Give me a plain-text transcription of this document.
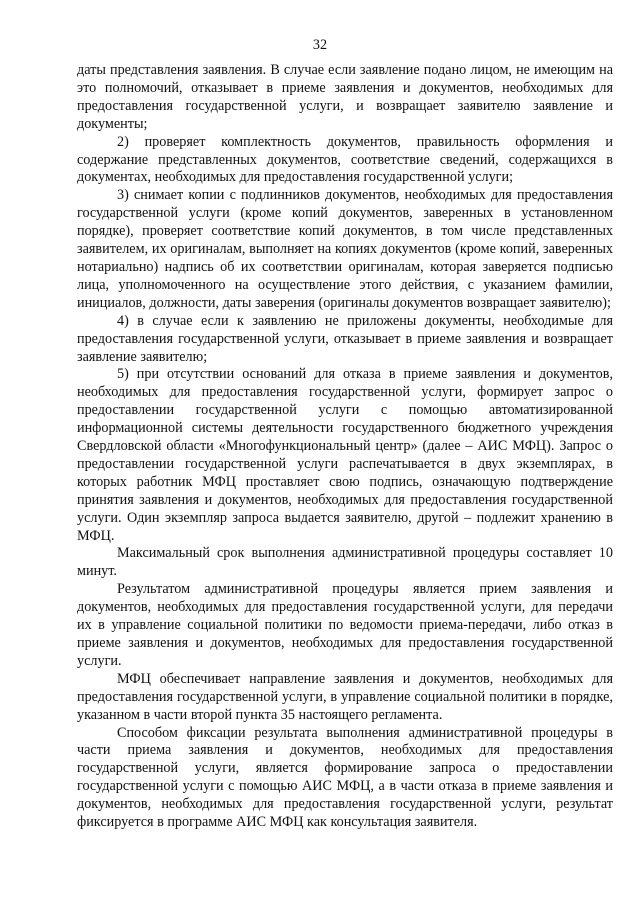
32

даты представления заявления. В случае если заявление подано лицом, не имеющим на это полномочий, отказывает в приеме заявления и документов, необходимых для предоставления государственной услуги, и возвращает заявителю заявление и документы;

2) проверяет комплектность документов, правильность оформления и содержание представленных документов, соответствие сведений, содержащихся в документах, необходимых для предоставления государственной услуги;

3) снимает копии с подлинников документов, необходимых для предоставления государственной услуги (кроме копий документов, заверенных в установленном порядке), проверяет соответствие копий документов, в том числе представленных заявителем, их оригиналам, выполняет на копиях документов (кроме копий, заверенных нотариально) надпись об их соответствии оригиналам, которая заверяется подписью лица, уполномоченного на осуществление этого действия, с указанием фамилии, инициалов, должности, даты заверения (оригиналы документов возвращает заявителю);

4) в случае если к заявлению не приложены документы, необходимые для предоставления государственной услуги, отказывает в приеме заявления и возвращает заявление заявителю;

5) при отсутствии оснований для отказа в приеме заявления и документов, необходимых для предоставления государственной услуги, формирует запрос о предоставлении государственной услуги с помощью автоматизированной информационной системы деятельности государственного бюджетного учреждения Свердловской области «Многофункциональный центр» (далее – АИС МФЦ). Запрос о предоставлении государственной услуги распечатывается в двух экземплярах, в которых работник МФЦ проставляет свою подпись, означающую подтверждение принятия заявления и документов, необходимых для предоставления государственной услуги. Один экземпляр запроса выдается заявителю, другой – подлежит хранению в МФЦ.

Максимальный срок выполнения административной процедуры составляет 10 минут.

Результатом административной процедуры является прием заявления и документов, необходимых для предоставления государственной услуги, для передачи их в управление социальной политики по ведомости приема-передачи, либо отказ в приеме заявления и документов, необходимых для предоставления государственной услуги.

МФЦ обеспечивает направление заявления и документов, необходимых для предоставления государственной услуги, в управление социальной политики в порядке, указанном в части второй пункта 35 настоящего регламента.

Способом фиксации результата выполнения административной процедуры в части приема заявления и документов, необходимых для предоставления государственной услуги, является формирование запроса о предоставлении государственной услуги с помощью АИС МФЦ, а в части отказа в приеме заявления и документов, необходимых для предоставления государственной услуги, результат фиксируется в программе АИС МФЦ как консультация заявителя.
